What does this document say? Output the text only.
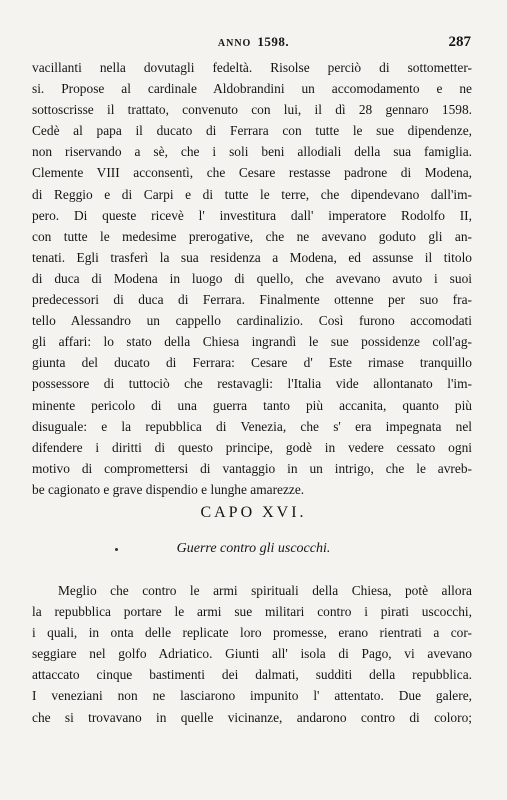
ANNO 1598.	287
vacillanti nella dovutagli fedeltà. Risolse perciò di sottometter-
si. Propose al cardinale Aldobrandini un accomodamento e ne
sottoscrisse il trattato, convenuto con lui, il dì 28 gennaro 1598.
Cedè al papa il ducato di Ferrara con tutte le sue dipendenze,
non riservando a sè, che i soli beni allodiali della sua famiglia.
Clemente VIII acconsentì, che Cesare restasse padrone di Modena,
di Reggio e di Carpi e di tutte le terre, che dipendevano dall'im-
pero. Di queste ricevè l' investitura dall' imperatore Rodolfo II,
con tutte le medesime prerogative, che ne avevano goduto gli an-
tenati. Egli trasferì la sua residenza a Modena, ed assunse il titolo
di duca di Modena in luogo di quello, che avevano avuto i suoi
predecessori di duca di Ferrara. Finalmente ottenne per suo fra-
tello Alessandro un cappello cardinalizio. Così furono accomodati
gli affari: lo stato della Chiesa ingrandì le sue possidenze coll'ag-
giunta del ducato di Ferrara: Cesare d' Este rimase tranquillo
possessore di tuttociò che restavagli: l'Italia vide allontanato l'im-
minente pericolo di una guerra tanto più accanita, quanto più
disuguale: e la repubblica di Venezia, che s' era impegnata nel
difendere i diritti di questo principe, godè in vedere cessato ogni
motivo di compromettersi di vantaggio in un intrigo, che le avreb-
be cagionato e grave dispendio e lunghe amarezze.
CAPO XVI.
Guerre contro gli uscocchi.
Meglio che contro le armi spirituali della Chiesa, potè allora
la repubblica portare le armi sue militari contro i pirati uscocchi,
i quali, in onta delle replicate loro promesse, erano rientrati a cor-
seggiare nel golfo Adriatico. Giunti all' isola di Pago, vi avevano
attaccato cinque bastimenti dei dalmati, sudditi della repubblica.
I veneziani non ne lasciarono impunito l' attentato. Due galere,
che si trovavano in quelle vicinanze, andarono contro di coloro;
